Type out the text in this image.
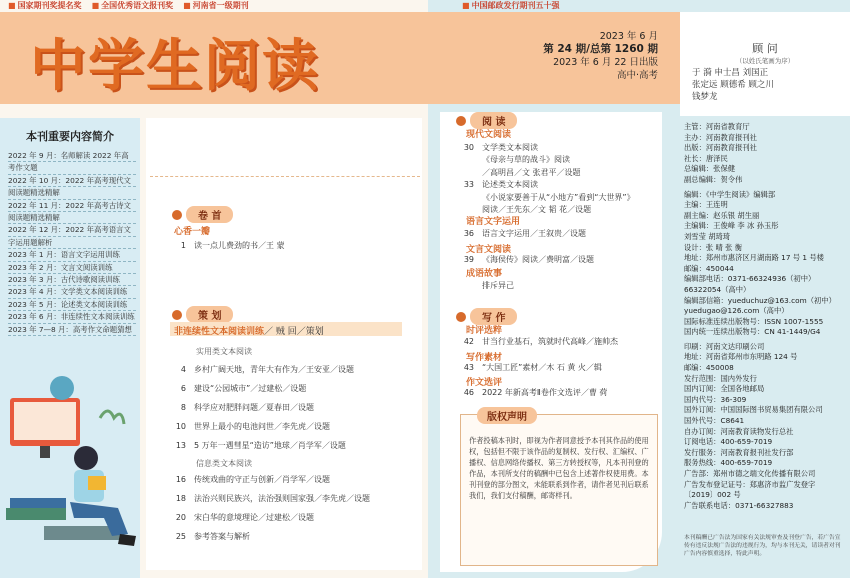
■ 国家期刊奖提名奖	■ 全国优秀语文报刊奖	■ 河南省一级期刊	■ 中国邮政发行期刊五十强
中学生阅读	2023 年 6 月
第 24 期/总第 1260 期
2023 年 6 月 22 日出版
高中·高考
顾 问
（以姓氏笔画为序）
于 漪 申士昌 刘国正
张定远 顾德希 顾之川
钱梦龙
本刊重要内容简介
2022 年 9 月：名师解读 2022 年高
考作文题
2022 年 10 月：2022 年高考现代文
阅读题精选精解
2022 年 11 月：2022 年高考古诗文
阅读题精选精解
2022 年 12 月：2022 年高考语言文
字运用题解析
2023 年 1 月：语言文字运用训练
2023 年 2 月：文言文阅读训练
2023 年 3 月：古代诗歌阅读训练
2023 年 4 月：文学类文本阅读训练
2023 年 5 月：论述类文本阅读训练
2023 年 6 月：非连续性文本阅读训练
2023 年 7—8 月：高考作文命题猜想
卷 首
心香一瓣
1 读一点儿费劲的书／王 蒙
策 划
非连续性文本阅读训练／ 贼 回／策划
实用类文本阅读
4 乡村广阔天地，青年大有作为／王安亚／设题
6 建设“公园城市”／过建松／设题
8 科学应对肥胖问题／夏春田／设题
10 世界上最小的电池问世／李先虎／设题
13 5 万年一遇彗星“造访”地球／肖学军／设题
信息类文本阅读
16 传统戏曲的守正与创新／肖学军／设题
18 法治兴则民族兴，法治强则国家强／李先虎／设题
20 宋白华的意境理论／过建松／设题
25 参考答案与解析
阅 读
现代文阅读
30 文学类文本阅读
《母亲与草的战斗》阅读
／高明昌／文 张君平／设题
33 论述类文本阅读
《小说家要善于从“小地方”看到“大世界”》
阅读／王先东／文 韬 花／设题
语言文字运用
36 语言文字运用／王叙贵／设题
文言文阅读
39 《海侯传》阅读／费明富／设题
成语故事
排斥异己
写 作
时评选粹
42 甘当行业基石，筑就时代高峰／施帅杰
写作素材
43 “大国工匠”素材／木 石 黄 火／辑
作文选评
46 2022 年新高考Ⅱ卷作文选评／曹 荷
版权声明
作者投稿本刊时，即视为作者同意授予本刊其作品的使用权，包括但不限于该作品的复制权、发行权、汇编权、广播权、信息网络传播权、第三方转授权等，凡本刊刊登的作品，本刊所支付的稿酬中已包含上述著作权使用费。本刊刊登的部分图文，未能联系到作者，请作者见刊后联系我们，我们支付稿酬，邮寄样刊。
主管：河南省教育厅
主办：河南教育报刊社
出版：河南教育报刊社
社长：唐泽民
总编辑：张保健
副总编辑：贺令伟

编辑：《中学生阅读》编辑部
主编：王连明
副主编：赵乐银 胡生丽
主编辑：王俊峰 李 冰 孙玉彤
刘雪莹 胡琦琦
设计：张 晴 张 衡
地址：郑州市惠济区月湖南路 17 号 1 号楼
邮编：450044
编辑部电话：0371-66324936（初中）
66322054（高中）
编辑部信箱：yueduchuz@163.com（初中）
yuedugao@126.com（高中）
国际标准连续出版物号：ISSN 1007-1555
国内统一连续出版物号：CN 41-1449/G4

印刷：河南文达印刷公司
地址：河南省郑州市东明路 124 号
邮编：450008
发行范围：国内外发行
国内订阅：全国各地邮局
国内代号：36-309
国外订阅：中国国际图书贸易集团有限公司
国外代号：C8641
自办订阅：河南教育读物发行总社
订阅电话：400-659-7019
发行服务：河南教育报刊社发行部
服务热线：400-659-7019
广告部：郑州市德之端文化传播有限公司
广告发布登记证号：郑惠济市监广发登字
〔2019〕002 号
广告联系电话：0371-66327883
本刊稿酬已广告法为国家有关法规审查及刊登广告，若广告宣传有违反法规广告法的违规行为，均与本刊无关，请读者对刊广告内容慎重选择，特此声明。
